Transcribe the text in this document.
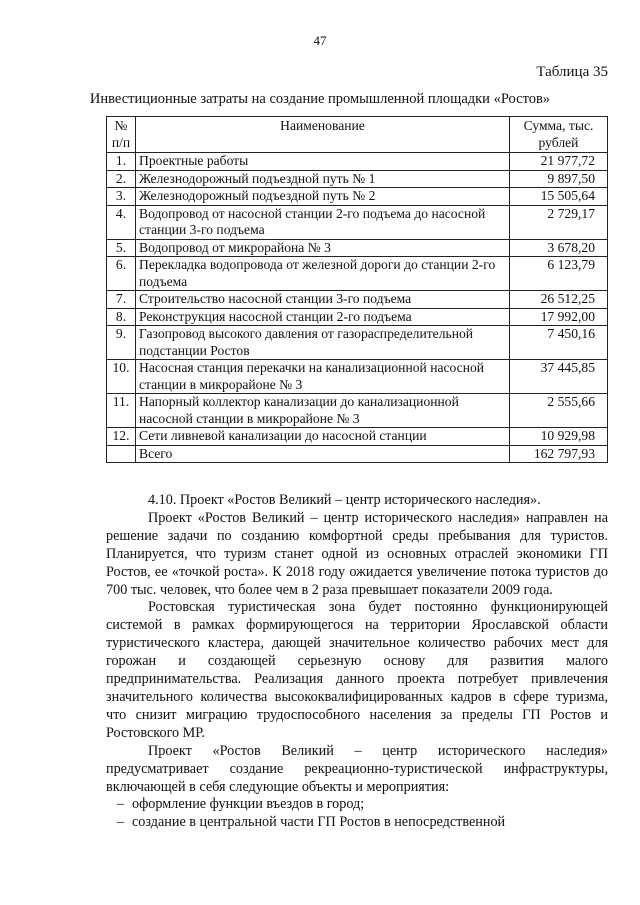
47
Таблица 35
Инвестиционные затраты на создание промышленной площадки «Ростов»
№ п/п	Наименование	Сумма, тыс. рублей
1.	Проектные работы	21 977,72
2.	Железнодорожный подъездной путь № 1	9 897,50
3.	Железнодорожный подъездной путь № 2	15 505,64
4.	Водопровод от насосной станции 2-го подъема до насосной станции 3-го подъема	2 729,17
5.	Водопровод от микрорайона № 3	3 678,20
6.	Перекладка водопровода от железной дороги до станции 2-го подъема	6 123,79
7.	Строительство насосной станции 3-го подъема	26 512,25
8.	Реконструкция насосной станции 2-го подъема	17 992,00
9.	Газопровод высокого давления от газораспределительной подстанции Ростов	7 450,16
10.	Насосная станция перекачки на канализационной насосной станции в микрорайоне № 3	37 445,85
11.	Напорный коллектор канализации до канализационной насосной станции в микрорайоне № 3	2 555,66
12.	Сети ливневой канализации до насосной станции	10 929,98
	Всего	162 797,93

4.10. Проект «Ростов Великий – центр исторического наследия».

Проект «Ростов Великий – центр исторического наследия» направлен на решение задачи по созданию комфортной среды пребывания для туристов. Планируется, что туризм станет одной из основных отраслей экономики ГП Ростов, ее «точкой роста». К 2018 году ожидается увеличение потока туристов до 700 тыс. человек, что более чем в 2 раза превышает показатели 2009 года.

Ростовская туристическая зона будет постоянно функционирующей системой в рамках формирующегося на территории Ярославской области туристического кластера, дающей значительное количество рабочих мест для горожан и создающей серьезную основу для развития малого предпринимательства. Реализация данного проекта потребует привлечения значительного количества высококвалифицированных кадров в сфере туризма, что снизит миграцию трудоспособного населения за пределы ГП Ростов и Ростовского МР.

Проект «Ростов Великий – центр исторического наследия» предусматривает создание рекреационно-туристической инфраструктуры, включающей в себя следующие объекты и мероприятия:

– оформление функции въездов в город;
– создание в центральной части ГП Ростов в непосредственной
